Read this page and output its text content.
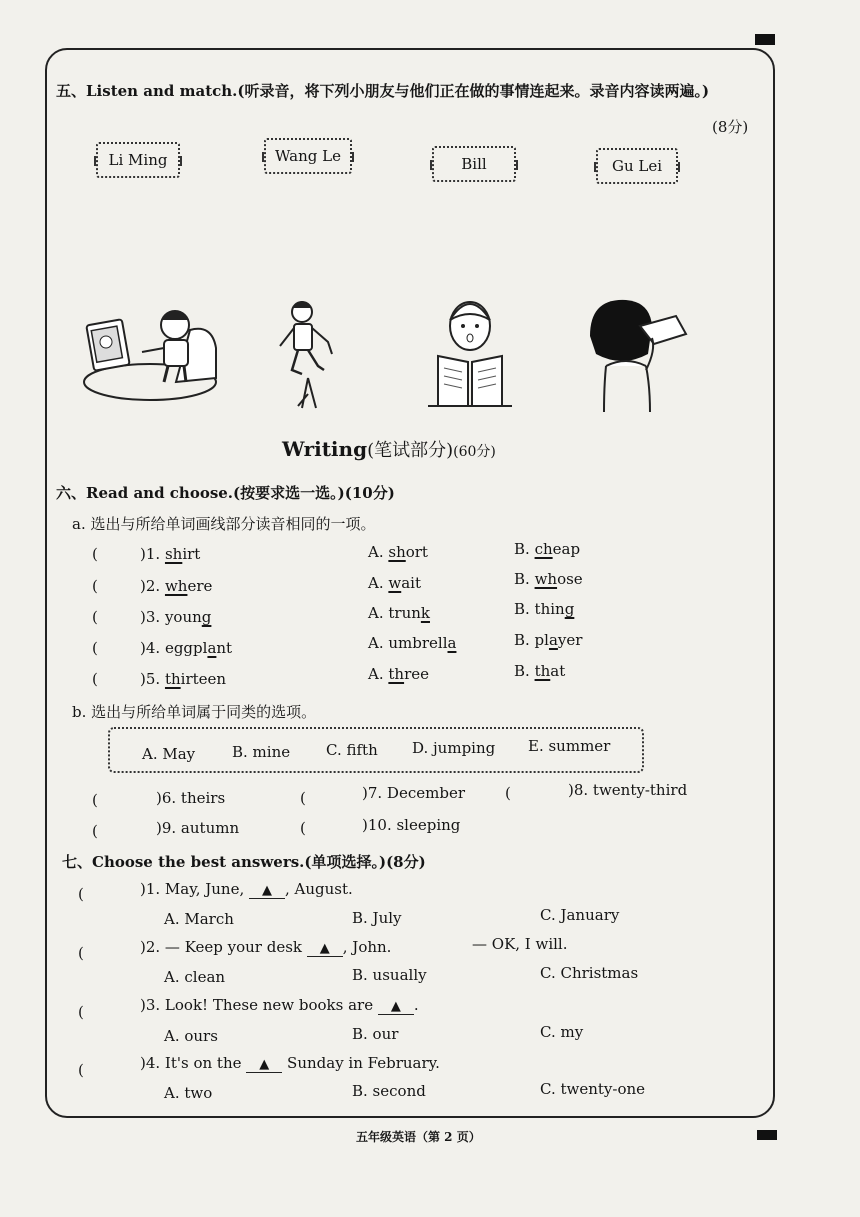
五、Listen and match.(听录音，将下列小朋友与他们正在做的事情连起来。录音内容读两遍。)
(8分)
Li Ming	Wang Le	Bill	Gu Lei
Writing(笔试部分)(60分)
六、Read and choose.(按要求选一选。)(10分)
a. 选出与所给单词画线部分读音相同的一项。
(	)1. shirt	A. short	B. cheap
(	)2. where	A. wait	B. whose
(	)3. young	A. trunk	B. thing
(	)4. eggplant	A. umbrella	B. player
(	)5. thirteen	A. three	B. that
b. 选出与所给单词属于同类的选项。
A. May B. mine C. fifth D. jumping E. summer
(	)6. theirs	(	)7. December	(	)8. twenty-third
(	)9. autumn	(	)10. sleeping
七、Choose the best answers.(单项选择。)(8分)
(	)1. May, June, ▲ , August.
A. March	B. July	C. January
(	)2. — Keep your desk ▲ , John.	— OK, I will.
A. clean	B. usually	C. Christmas
(	)3. Look! These new books are ▲ .
A. ours	B. our	C. my
(	)4. It's on the ▲ Sunday in February.
A. two	B. second	C. twenty-one
五年级英语（第 2 页）
